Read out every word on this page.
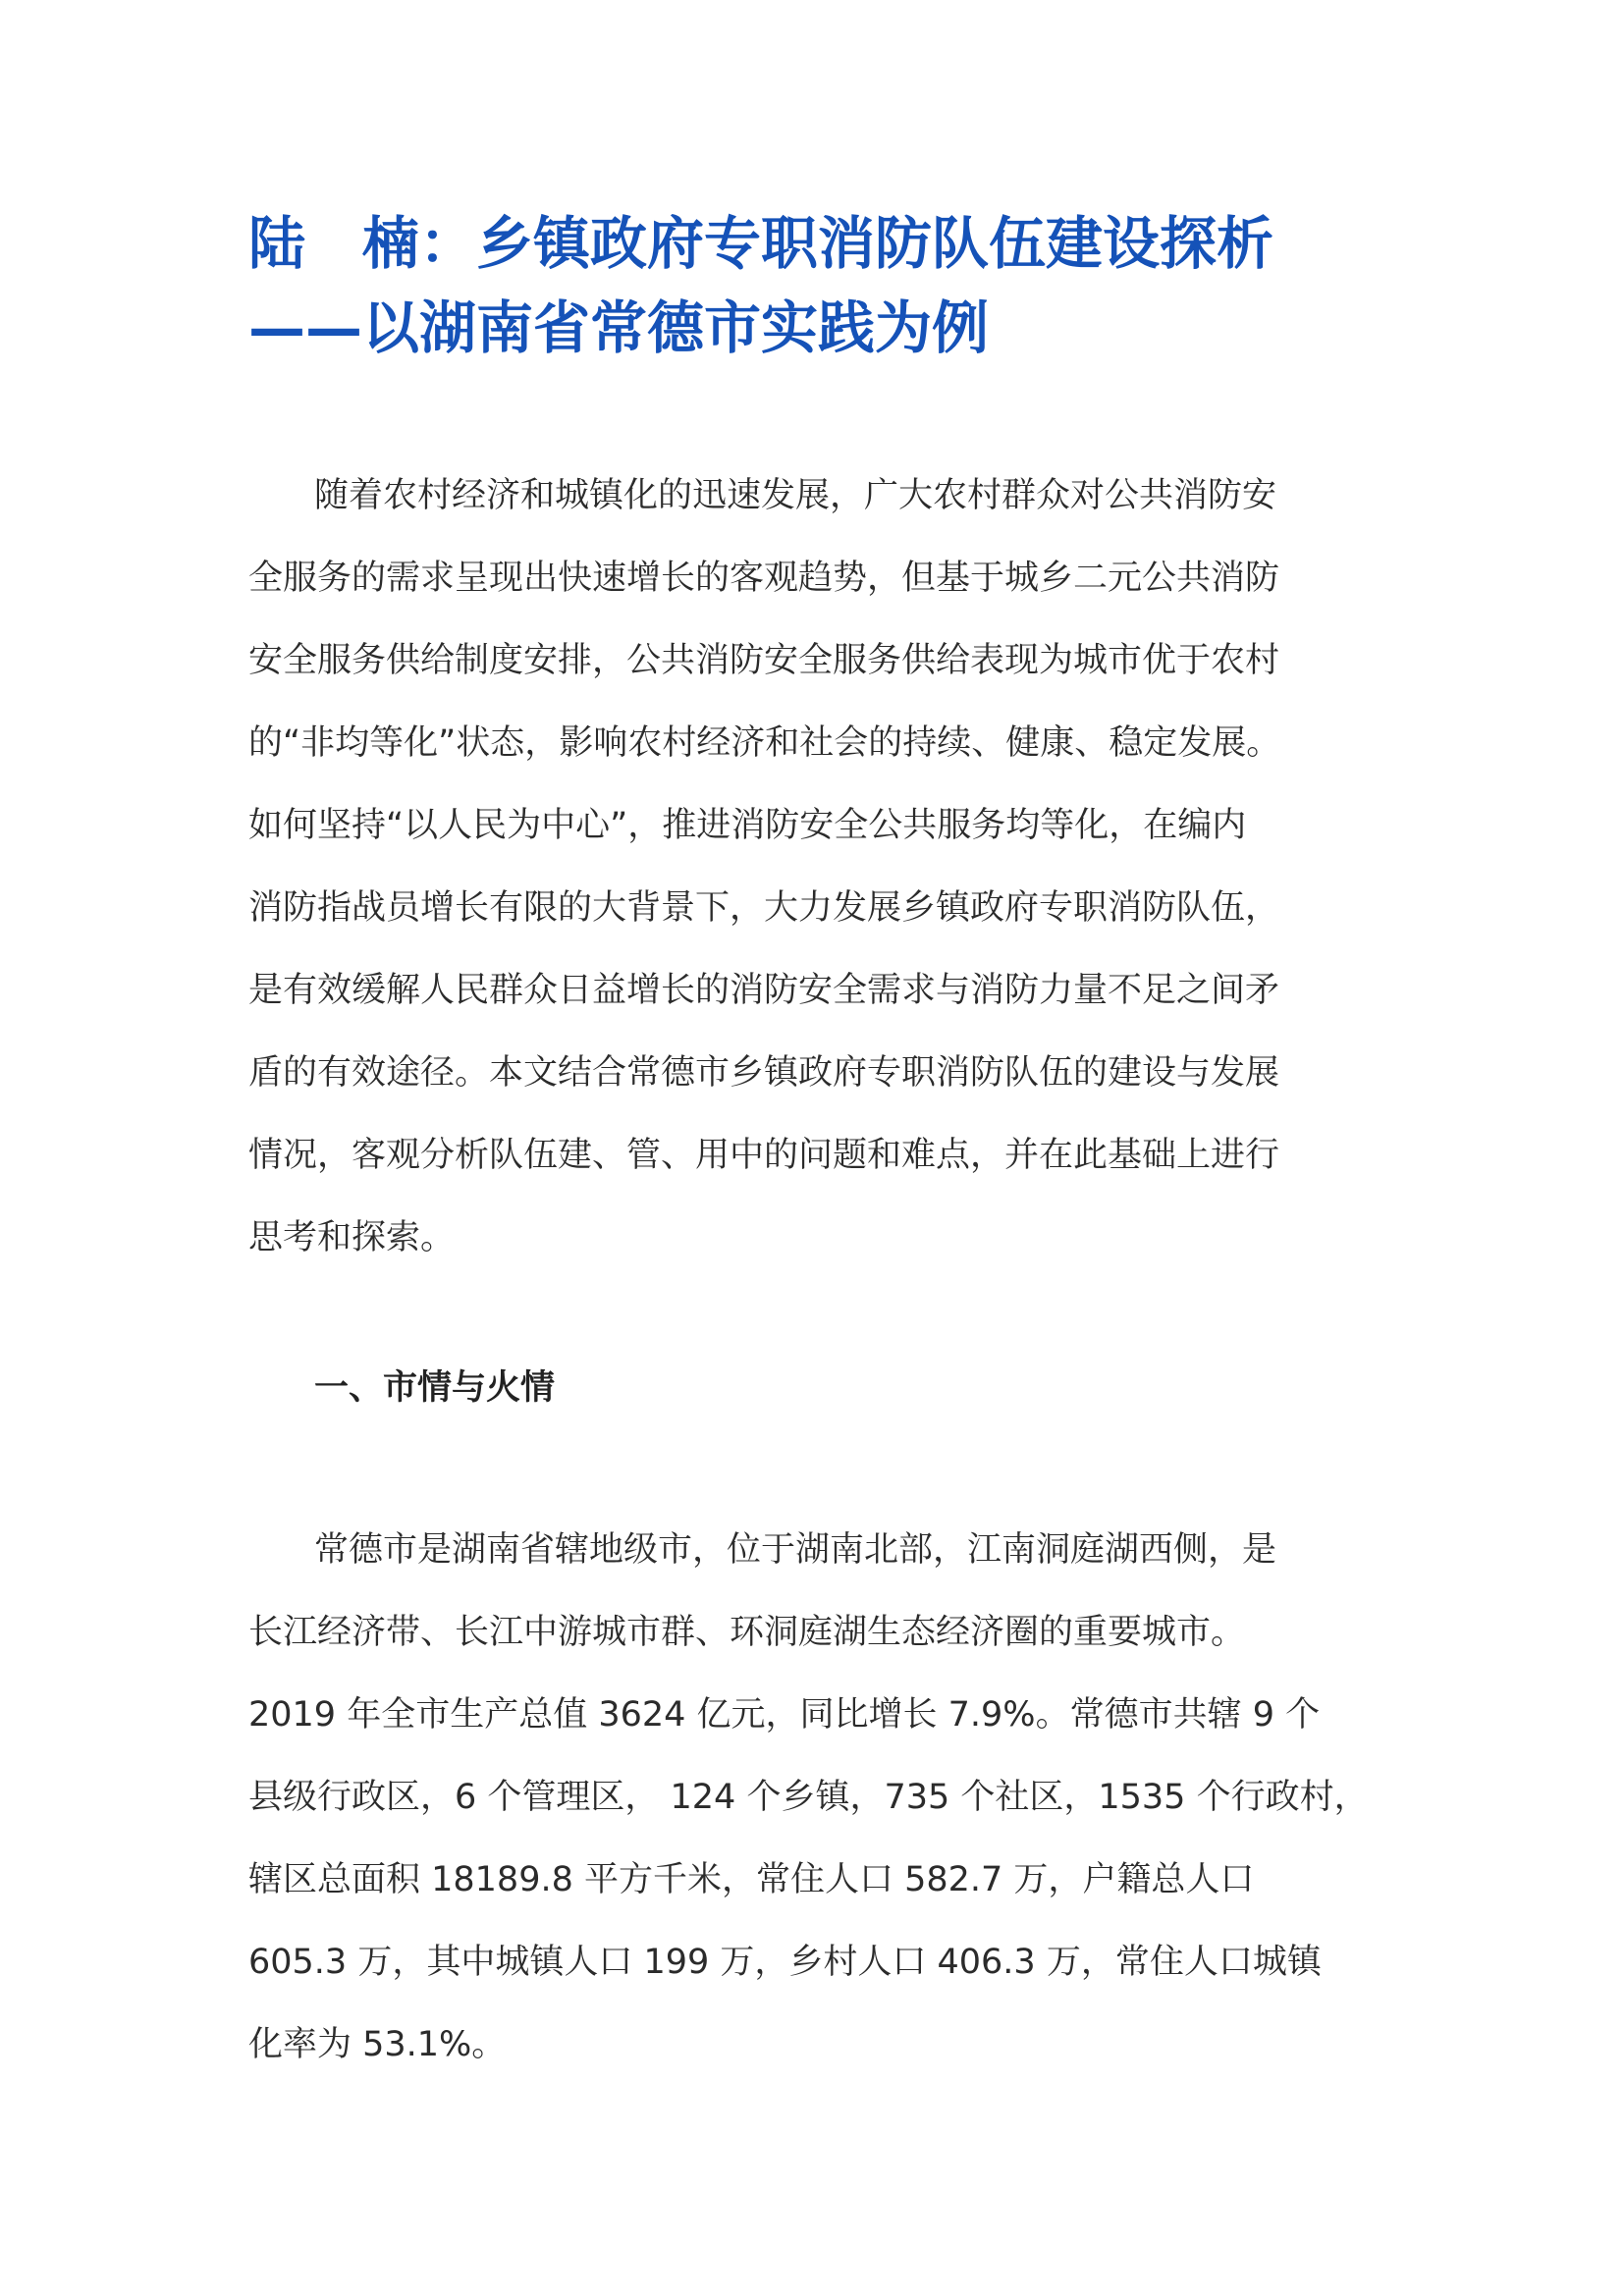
陆　楠：乡镇政府专职消防队伍建设探析
——以湖南省常德市实践为例
随着农村经济和城镇化的迅速发展，广大农村群众对公共消防安
全服务的需求呈现出快速增长的客观趋势，但基于城乡二元公共消防
安全服务供给制度安排，公共消防安全服务供给表现为城市优于农村
的“非均等化”状态，影响农村经济和社会的持续、健康、稳定发展。
如何坚持“以人民为中心”，推进消防安全公共服务均等化，在编内
消防指战员增长有限的大背景下，大力发展乡镇政府专职消防队伍，
是有效缓解人民群众日益增长的消防安全需求与消防力量不足之间矛
盾的有效途径。本文结合常德市乡镇政府专职消防队伍的建设与发展
情况，客观分析队伍建、管、用中的问题和难点，并在此基础上进行
思考和探索。
一、市情与火情
常德市是湖南省辖地级市，位于湖南北部，江南洞庭湖西侧，是
长江经济带、长江中游城市群、环洞庭湖生态经济圈的重要城市。
2019 年全市生产总值 3624 亿元，同比增长 7.9%。常德市共辖 9 个
县级行政区，6 个管理区， 124 个乡镇，735 个社区，1535 个行政村，
辖区总面积 18189.8 平方千米，常住人口 582.7 万，户籍总人口
605.3 万，其中城镇人口 199 万，乡村人口 406.3 万，常住人口城镇
化率为 53.1%。
